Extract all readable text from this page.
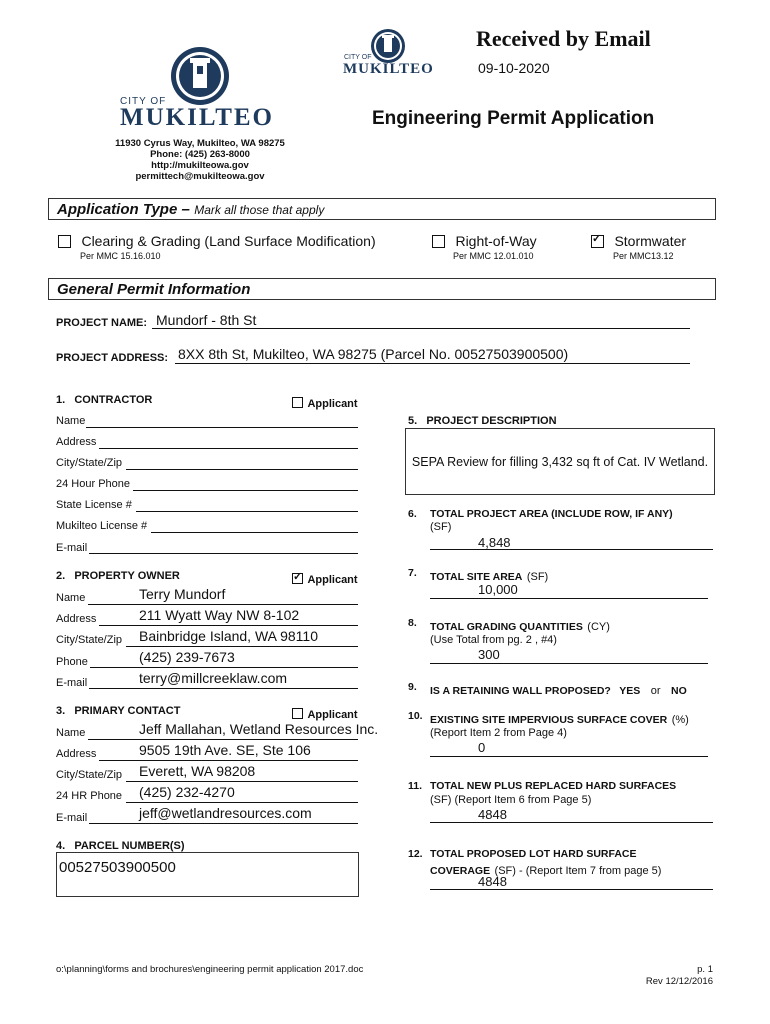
CITY OF
MUKILTEO
Received by Email
09-10-2020
CITY OF
MUKILTEO	Engineering Permit Application
11930 Cyrus Way, Mukilteo, WA 98275
Phone: (425) 263-8000
http://mukilteowa.gov
permittech@mukilteowa.gov
Application Type – Mark all those that apply
Clearing & Grading (Land Surface Modification)
Per MMC 15.16.010
Right-of-Way
Per MMC 12.01.010
✓ Stormwater
Per MMC13.12
General Permit Information
PROJECT NAME: Mundorf - 8th St
PROJECT ADDRESS: 8XX 8th St, Mukilteo, WA 98275 (Parcel No. 00527503900500)
1.   CONTRACTOR	Applicant
Name
Address
City/State/Zip
24 Hour Phone
State License #
Mukilteo License #
E-mail
2.   PROPERTY OWNER
✓	Applicant
Name	Terry Mundorf
Address	211 Wyatt Way NW 8-102
City/State/Zip Bainbridge Island, WA 98110
Phone	(425) 239-7673
E-mail	terry@millcreeklaw.com
3.   PRIMARY CONTACT	Applicant
Name	Jeff Mallahan, Wetland Resources Inc.
Address	9505 19th Ave. SE, Ste 106
City/State/Zip Everett, WA 98208
24 HR Phone (425) 232-4270
E-mail	jeff@wetlandresources.com
4.   PARCEL NUMBER(S)
00527503900500
5.   PROJECT DESCRIPTION
SEPA Review for filling 3,432 sq ft of Cat. IV Wetland.
6. TOTAL PROJECT AREA (INCLUDE ROW, IF ANY)
(SF)
4,848
7. TOTAL SITE AREA (SF)
10,000
8. TOTAL GRADING QUANTITIES (CY)
(Use Total from pg. 2 , #4)
300
9. IS A RETAINING WALL PROPOSED? YES or NO
10. EXISTING SITE IMPERVIOUS SURFACE COVER (%)
(Report Item 2 from Page 4)
0
11. TOTAL NEW PLUS REPLACED HARD SURFACES
(SF) (Report Item 6 from Page 5)
4848
12. TOTAL PROPOSED LOT HARD SURFACE
COVERAGE (SF) - (Report Item 7 from page 5)
4848
o:\planning\forms and brochures\engineering permit application 2017.doc	p. 1
Rev 12/12/2016
